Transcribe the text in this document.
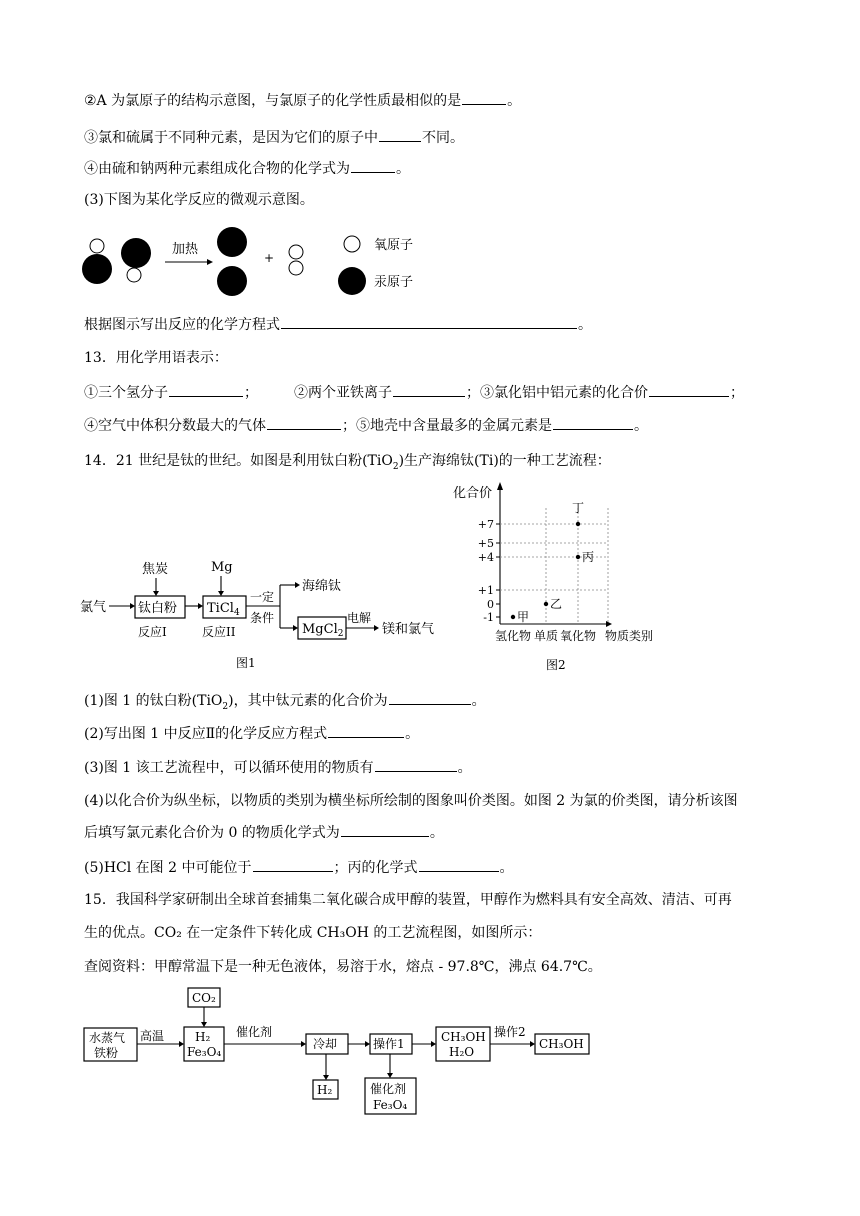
②A 为氯原子的结构示意图，与氯原子的化学性质最相似的是	。
③氯和硫属于不同种元素，是因为它们的原子中	不同。
④由硫和钠两种元素组成化合物的化学式为	。
(3)下图为某化学反应的微观示意图。
加热
+
氧原子
汞原子
根据图示写出反应的化学方程式	。
13．用化学用语表示：
①三个氢分子	；	②两个亚铁离子	；③氯化铝中铝元素的化合价	；
④空气中体积分数最大的气体	；⑤地壳中含量最多的金属元素是	。
14．21 世纪是钛的世纪。如图是利用钛白粉(TiO$_2$)生产海绵钛(Ti)的一种工艺流程：
氯气
焦炭
钛白粉
反应I
Mg
TiCl$_4$
反应II
一定
条件
海绵钛
MgCl$_2$
电解
镁和氯气
图1
化合价
+7
+5
+4
+1
0
-1
氢化物 单质 氧化物
丁
丙
乙
甲
物质类别
图2
(1)图 1 的钛白粉(TiO$_2$)，其中钛元素的化合价为	。
(2)写出图 1 中反应Ⅱ的化学反应方程式	。
(3)图 1 该工艺流程中，可以循环使用的物质有	。
(4)以化合价为纵坐标，以物质的类别为横坐标所绘制的图象叫价类图。如图 2 为氯的价类图，请分析该图
后填写氯元素化合价为 0 的物质化学式为	。
(5)HCl 在图 2 中可能位于	；丙的化学式	。
15．我国科学家研制出全球首套捕集二氧化碳合成甲醇的装置，甲醇作为燃料具有安全高效、清洁、可再
生的优点。CO₂ 在一定条件下转化成 CH₃OH 的工艺流程图，如图所示：
查阅资料：甲醇常温下是一种无色液体，易溶于水，熔点 - 97.8℃，沸点 64.7℃。
CO₂
水蒸气
铁粉
高温	H₂
Fe₃O₄
催化剂
冷却
H₂
操作1
催化剂
Fe₃O₄
CH₃OH
H₂O
操作2
CH₃OH
